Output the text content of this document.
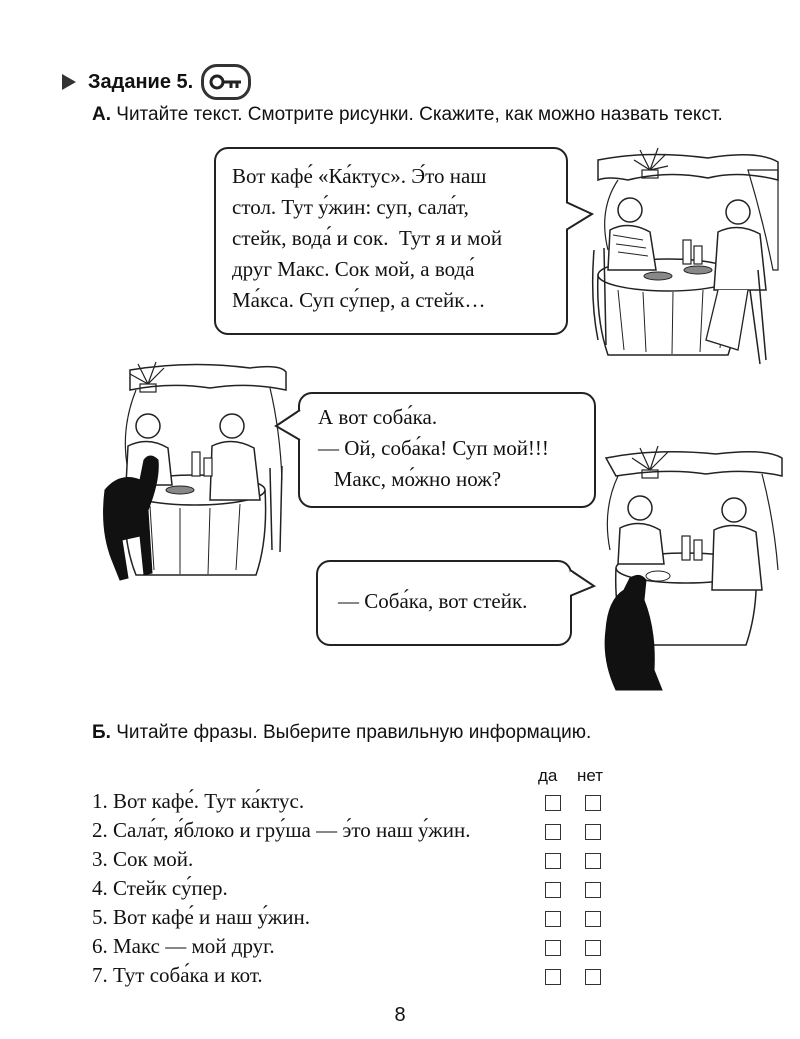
Задание 5.
А. Читайте текст. Смотрите рисунки. Скажите, как можно назвать текст.
Вот кафе́ «Ка́ктус». Э́то наш
стол. Тут у́жин: суп, сала́т,
стейк, вода́ и сок.  Тут я и мой
друг Макс. Сок мой, а вода́
Ма́кса. Суп су́пер, а стейк…
А вот соба́ка.
— Ой, соба́ка! Суп мой!!!
Макс, мо́жно нож?
— Соба́ка, вот стейк.
Б. Читайте фразы. Выберите правильную информацию.
да нет
1. Вот кафе́. Тут ка́ктус.
2. Сала́т, я́блоко и гру́ша — э́то наш у́жин.
3. Сок мой.
4. Стейк су́пер.
5. Вот кафе́ и наш у́жин.
6. Макс — мой друг.
7. Тут соба́ка и кот.
8
